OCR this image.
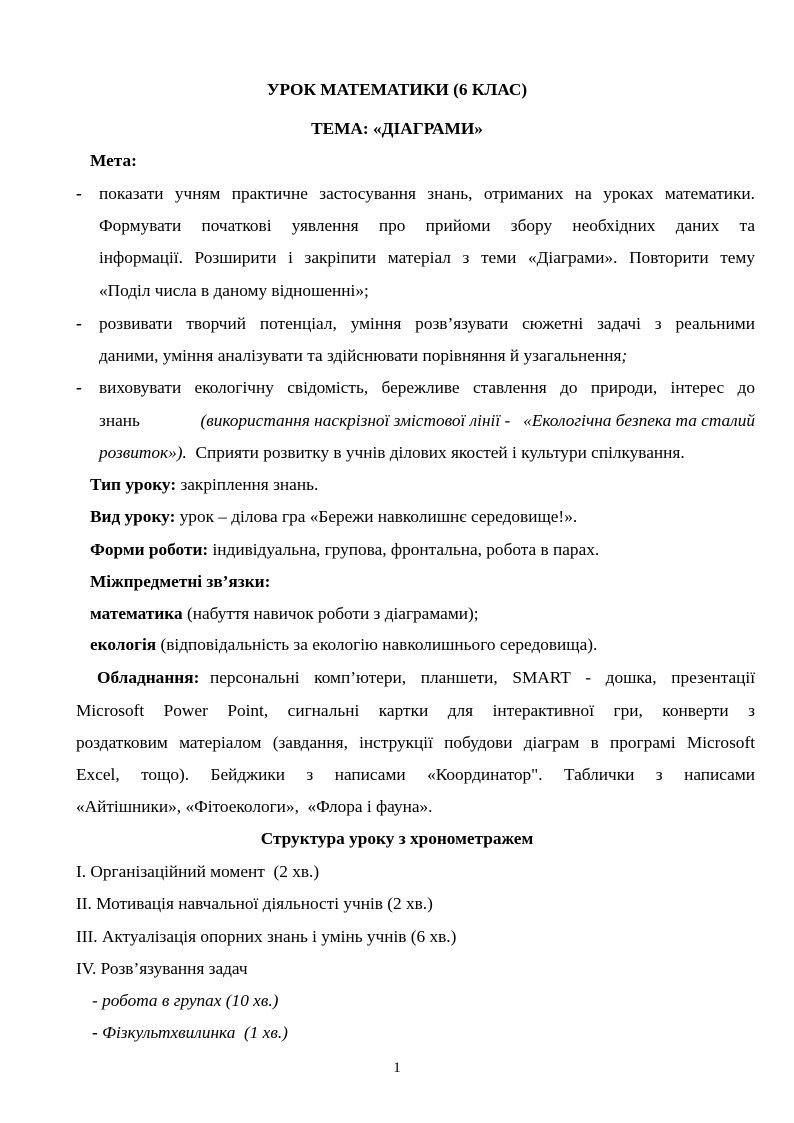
УРОК МАТЕМАТИКИ (6 КЛАС)
ТЕМА: «ДІАГРАМИ»
Мета:
- показати учням практичне застосування знань, отриманих на уроках математики.
Формувати початкові уявлення про прийоми збору необхідних даних та
інформації. Розширити і закріпити матеріал з теми «Діаграми». Повторити тему
«Поділ числа в даному відношенні»;
- розвивати творчий потенціал, уміння розв’язувати сюжетні задачі з реальними
даними, уміння аналізувати та здійснювати порівняння й узагальнення;
- виховувати екологічну свідомість, бережливе ставлення до природи, інтерес до
знань	(використання наскрізної змістової лінії -   «Екологічна безпека та сталий
розвиток»). Сприяти розвитку в учнів ділових якостей і культури спілкування.
Тип уроку: закріплення знань.
Вид уроку: урок – ділова гра «Бережи навколишнє середовище!».
Форми роботи: індивідуальна, групова, фронтальна, робота в парах.
Міжпредметні зв’язки:
математика (набуття навичок роботи з діаграмами);
екологія (відповідальність за екологію навколишнього середовища).
Обладнання: персональні комп’ютери, планшети, SMART - дошка, презентації
Microsoft Power Point, сигнальні картки для інтерактивної гри, конверти з
роздатковим матеріалом (завдання, інструкції побудови діаграм в програмі Microsoft
Excel, тощо). Бейджики з написами «Координатор". Таблички з написами
«Айтішники», «Фітоекологи»,  «Флора і фауна».
Структура уроку з хронометражем
I. Організаційний момент  (2 хв.)
II. Мотивація навчальної діяльності учнів (2 хв.)
III. Актуалізація опорних знань і умінь учнів (6 хв.)
IV. Розв’язування задач
- робота в групах (10 хв.)
- Фізкультхвилинка  (1 хв.)
1
